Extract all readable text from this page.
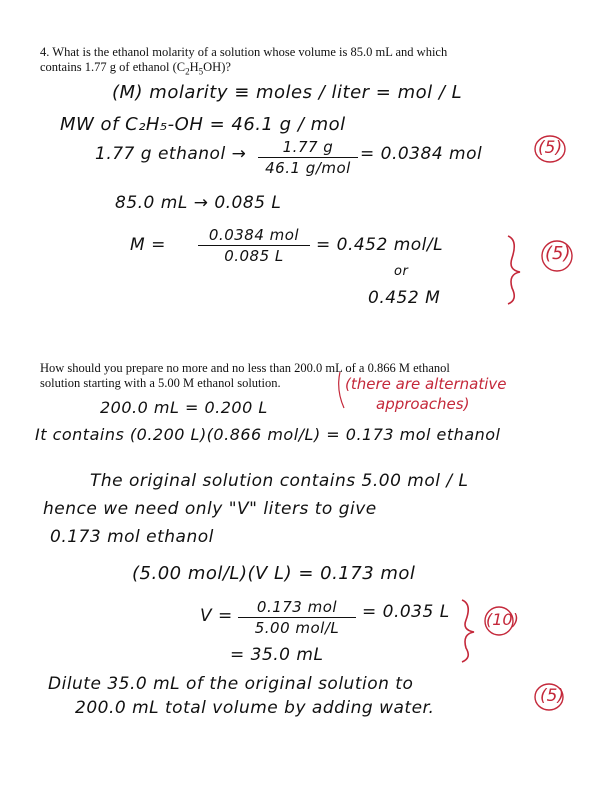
4. What is the ethanol molarity of a solution whose volume is 85.0 mL and which
contains 1.77 g of ethanol $(C_2H_5OH)$?
(M) molarity ≡ moles / liter = mol / L
MW of C₂H₅-OH = 46.1 g / mol
1.77 g ethanol →	1.77 g
46.1 g/mol
= 0.0384 mol	(5)
85.0 mL → 0.085 L
M =	0.0384 mol
0.085 L
= 0.452 mol/L
or
0.452 M
(5)
How should you prepare no more and no less than 200.0 mL of a 0.866 M ethanol
solution starting with a 5.00 M ethanol solution.	(there are alternative
approaches)
200.0 mL = 0.200 L
It contains (0.200 L)(0.866 mol/L) = 0.173 mol ethanol
The original solution contains 5.00 mol / L
hence we need only "V" liters to give
0.173 mol ethanol
(5.00 mol/L)(V L) = 0.173 mol
V =	0.173 mol
5.00 mol/L
= 0.035 L (10)
= 35.0 mL
Dilute 35.0 mL of the original solution to
200.0 mL total volume by adding water.
(5)
